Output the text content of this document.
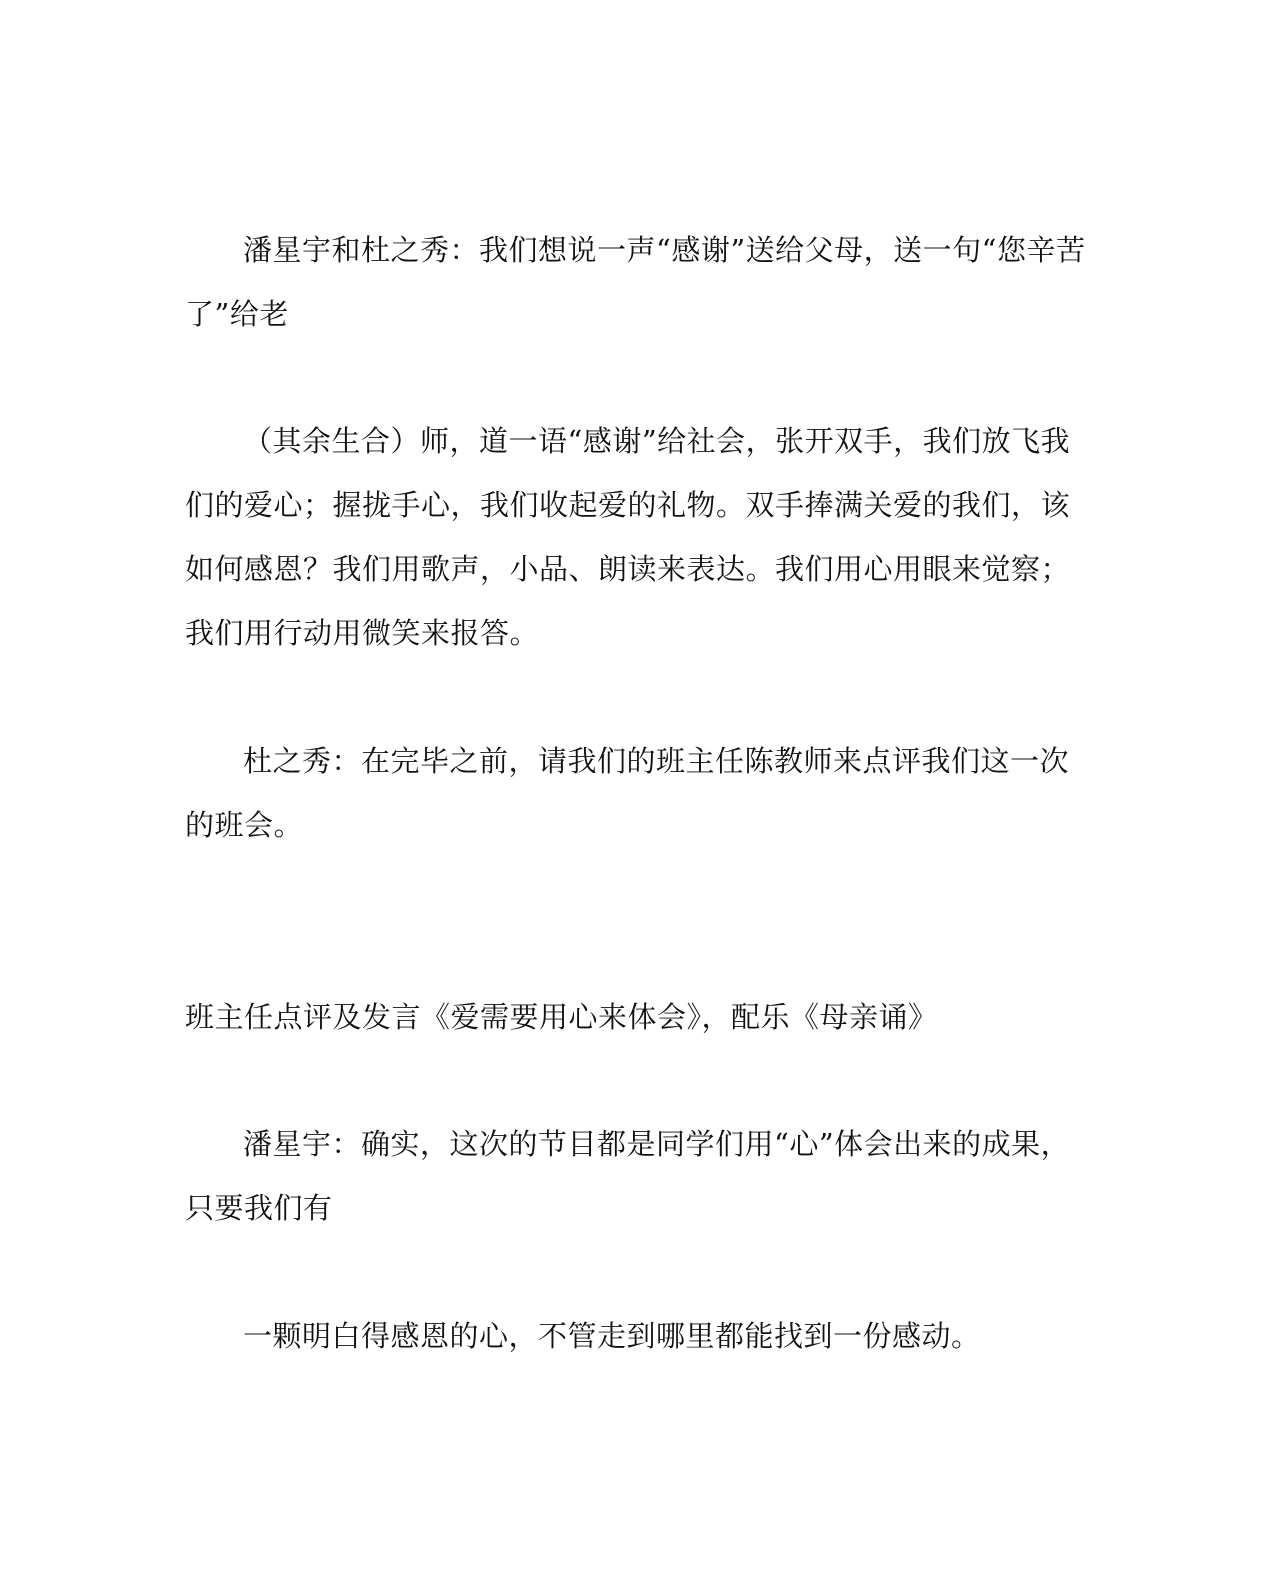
潘星宇和杜之秀：我们想说一声“感谢”送给父母，送一句“您辛苦
了”给老
（其余生合）师，道一语“感谢”给社会，张开双手，我们放飞我
们的爱心；握拢手心，我们收起爱的礼物。双手捧满关爱的我们，该
如何感恩？我们用歌声，小品、朗读来表达。我们用心用眼来觉察；
我们用行动用微笑来报答。
杜之秀：在完毕之前，请我们的班主任陈教师来点评我们这一次
的班会。
班主任点评及发言《爱需要用心来体会》，配乐《母亲诵》
潘星宇：确实，这次的节目都是同学们用“心”体会出来的成果，
只要我们有
一颗明白得感恩的心，不管走到哪里都能找到一份感动。
